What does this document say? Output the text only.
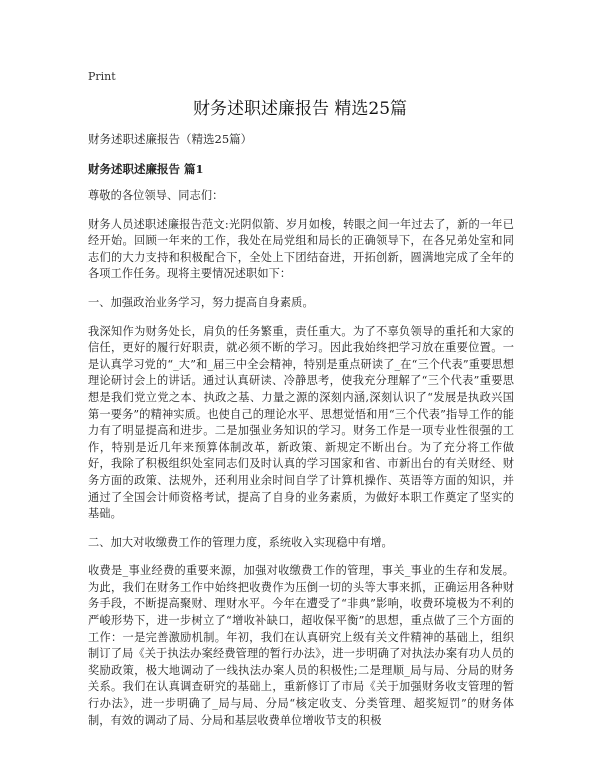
Print
财务述职述廉报告 精选25篇
财务述职述廉报告（精选25篇）
财务述职述廉报告 篇1

尊敬的各位领导、同志们：

财务人员述职述廉报告范文:光阴似箭、岁月如梭，转眼之间一年过去了，新的一年已经开始。回顾一年来的工作，我处在局党组和局长的正确领导下，在各兄弟处室和同志们的大力支持和积极配合下，全处上下团结奋进，开拓创新，圆满地完成了全年的各项工作任务。现将主要情况述职如下：

一、加强政治业务学习，努力提高自身素质。

我深知作为财务处长，肩负的任务繁重，责任重大。为了不辜负领导的重托和大家的信任，更好的履行好职责，就必须不断的学习。因此我始终把学习放在重要位置。一是认真学习党的“_大”和_届三中全会精神，特别是重点研读了_在“三个代表”重要思想理论研讨会上的讲话。通过认真研读、冷静思考，使我充分理解了“三个代表”重要思想是我们党立党之本、执政之基、力量之源的深刻内涵,深刻认识了“发展是执政兴国第一要务”的精神实质。也使自己的理论水平、思想觉悟和用“三个代表”指导工作的能力有了明显提高和进步。二是加强业务知识的学习。财务工作是一项专业性很强的工作，特别是近几年来预算体制改革，新政策、新规定不断出台。为了充分将工作做好，我除了积极组织处室同志们及时认真的学习国家和省、市新出台的有关财经、财务方面的政策、法规外，还利用业余时间自学了计算机操作、英语等方面的知识，并通过了全国会计师资格考试，提高了自身的业务素质，为做好本职工作奠定了坚实的基础。

二、加大对收缴费工作的管理力度，系统收入实现稳中有增。

收费是_事业经费的重要来源，加强对收缴费工作的管理，事关_事业的生存和发展。为此，我们在财务工作中始终把收费作为压倒一切的头等大事来抓，正确运用各种财务手段，不断提高聚财、理财水平。今年在遭受了“非典”影响，收费环境极为不利的严峻形势下，进一步树立了“增收补缺口，超收保平衡”的思想，重点做了三个方面的工作：一是完善激励机制。年初，我们在认真研究上级有关文件精神的基础上，组织制订了局《关于执法办案经费管理的暂行办法》，进一步明确了对执法办案有功人员的奖励政策，极大地调动了一线执法办案人员的积极性;二是理顺_局与局、分局的财务关系。我们在认真调查研究的基础上，重新修订了市局《关于加强财务收支管理的暂行办法》，进一步明确了_局与局、分局“核定收支、分类管理、超奖短罚”的财务体制，有效的调动了局、分局和基层收费单位增收节支的积极
